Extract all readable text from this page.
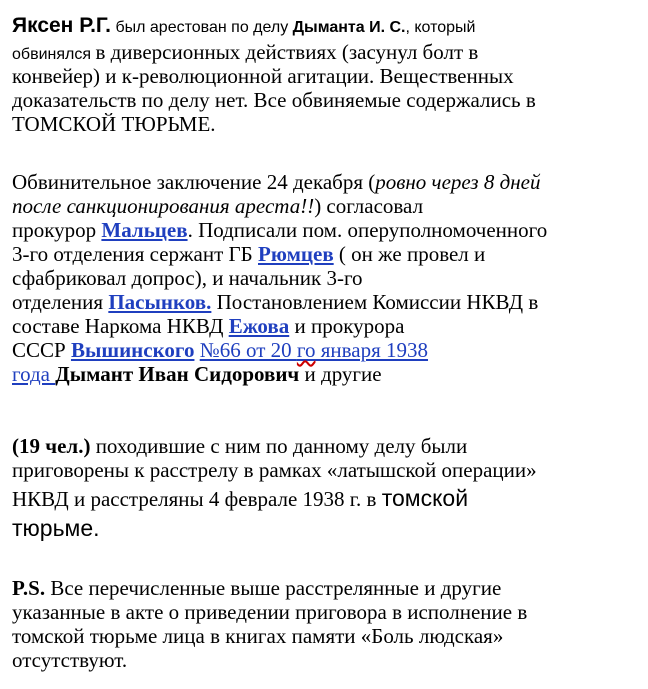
Яксен Р.Г. был арестован по делу Дыманта И. С., который
обвинялся в диверсионных действиях (засунул болт в
конвейер) и к-революционной агитации. Вещественных
доказательств по делу нет. Все обвиняемые содержались в
ТОМСКОЙ ТЮРЬМЕ.
Обвинительное заключение 24 декабря (ровно через 8 дней
после санкционирования ареста!!) согласовал
прокурор Мальцев. Подписали пом. оперуполномоченного
3-го отделения сержант ГБ Рюмцев ( он же провел и
сфабриковал допрос), и начальник 3-го
отделения Пасынков. Постановлением Комиссии НКВД в
составе Наркома НКВД Ежова и прокурора
СССР Вышинского №66 от 20 го января 1938
года Дымант Иван Сидорович и другие
(19 чел.) походившие с ним по данному делу были
приговорены к расстрелу в рамках «латышской операции»
НКВД и расстреляны 4 феврале 1938 г. в томской
тюрьме.
P.S. Все перечисленные выше расстрелянные и другие
указанные в акте о приведении приговора в исполнение в
томской тюрьме лица в книгах памяти «Боль людская»
отсутствуют.
